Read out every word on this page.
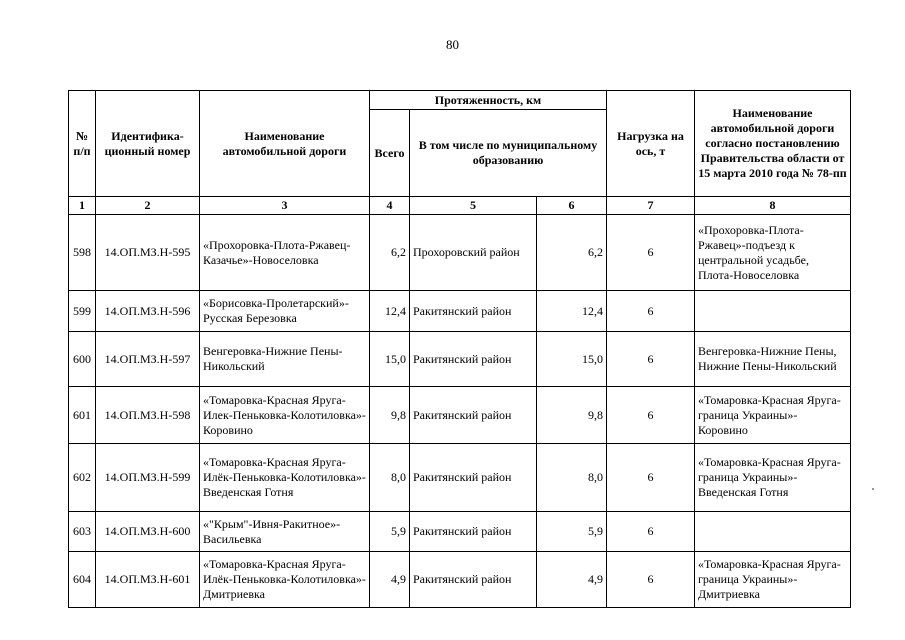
80
№ п/п	Идентифика-ционный номер	Наименование автомобильной дороги	Протяженность, км			Нагрузка на ось, т	Наименование автомобильной дороги согласно постановлению Правительства области от 15 марта 2010 года № 78-пп
			Всего	В том числе по муниципальному образованию			
1	2	3	4	5	6	7	8
598	14.ОП.МЗ.Н-595	«Прохоровка-Плота-Ржавец-Казачье»-Новоселовка	6,2	Прохоровский район	6,2	6	«Прохоровка-Плота-Ржавец»-подъезд к центральной усадьбе, Плота-Новоселовка
599	14.ОП.МЗ.Н-596	«Борисовка-Пролетарский»-Русская Березовка	12,4	Ракитянский район	12,4	6	
600	14.ОП.МЗ.Н-597	Венгеровка-Нижние Пены-Никольский	15,0	Ракитянский район	15,0	6	Венгеровка-Нижние Пены, Нижние Пены-Никольский
601	14.ОП.МЗ.Н-598	«Томаровка-Красная Яруга-Илек-Пеньковка-Колотиловка»-Коровино	9,8	Ракитянский район	9,8	6	«Томаровка-Красная Яруга-граница Украины»-Коровино
602	14.ОП.МЗ.Н-599	«Томаровка-Красная Яруга-Илёк-Пеньковка-Колотиловка»-Введенская Готня	8,0	Ракитянский район	8,0	6	«Томаровка-Красная Яруга-граница Украины»-Введенская Готня
603	14.ОП.МЗ.Н-600	«"Крым"-Ивня-Ракитное»-Васильевка	5,9	Ракитянский район	5,9	6	
604	14.ОП.МЗ.Н-601	«Томаровка-Красная Яруга-Илёк-Пеньковка-Колотиловка»-Дмитриевка	4,9	Ракитянский район	4,9	6	«Томаровка-Красная Яруга-граница Украины»-Дмитриевка
